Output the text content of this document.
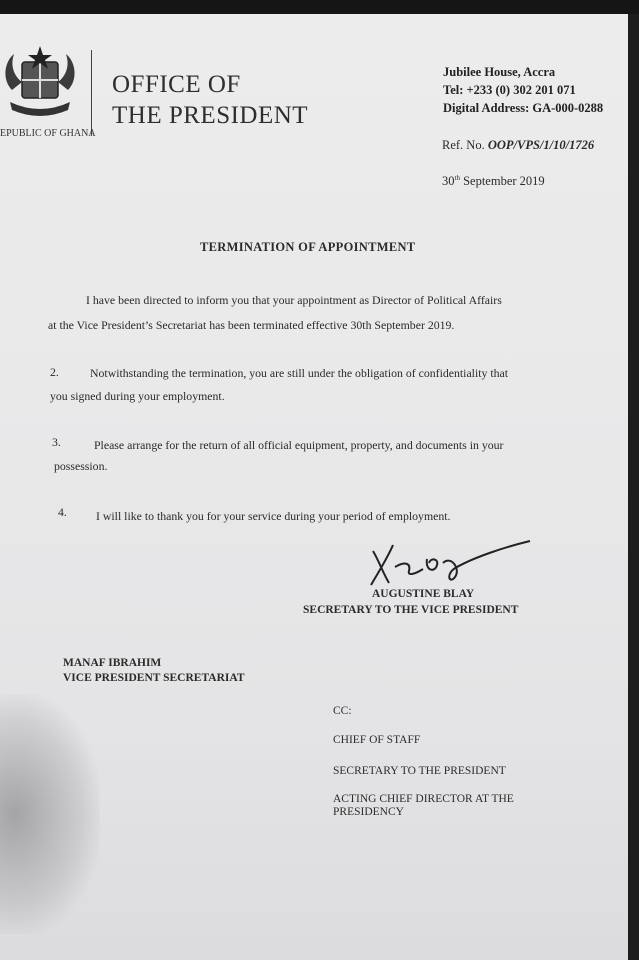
OFFICE OF
THE PRESIDENT
EPUBLIC OF GHANA
Jubilee House, Accra
Tel: +233 (0) 302 201 071
Digital Address: GA-000-0288
Ref. No. OOP/VPS/1/10/1726
30th September 2019
TERMINATION OF APPOINTMENT
I have been directed to inform you that your appointment as Director of Political Affairs
at the Vice President’s Secretariat has been terminated effective 30th September 2019.
2.	Notwithstanding the termination, you are still under the obligation of confidentiality that
you signed during your employment.
3.	Please arrange for the return of all official equipment, property, and documents in your
possession.
4. I will like to thank you for your service during your period of employment.
AUGUSTINE BLAY
SECRETARY TO THE VICE PRESIDENT
MANAF IBRAHIM
VICE PRESIDENT SECRETARIAT
CC:
CHIEF OF STAFF
SECRETARY TO THE PRESIDENT
ACTING CHIEF DIRECTOR AT THE
PRESIDENCY
